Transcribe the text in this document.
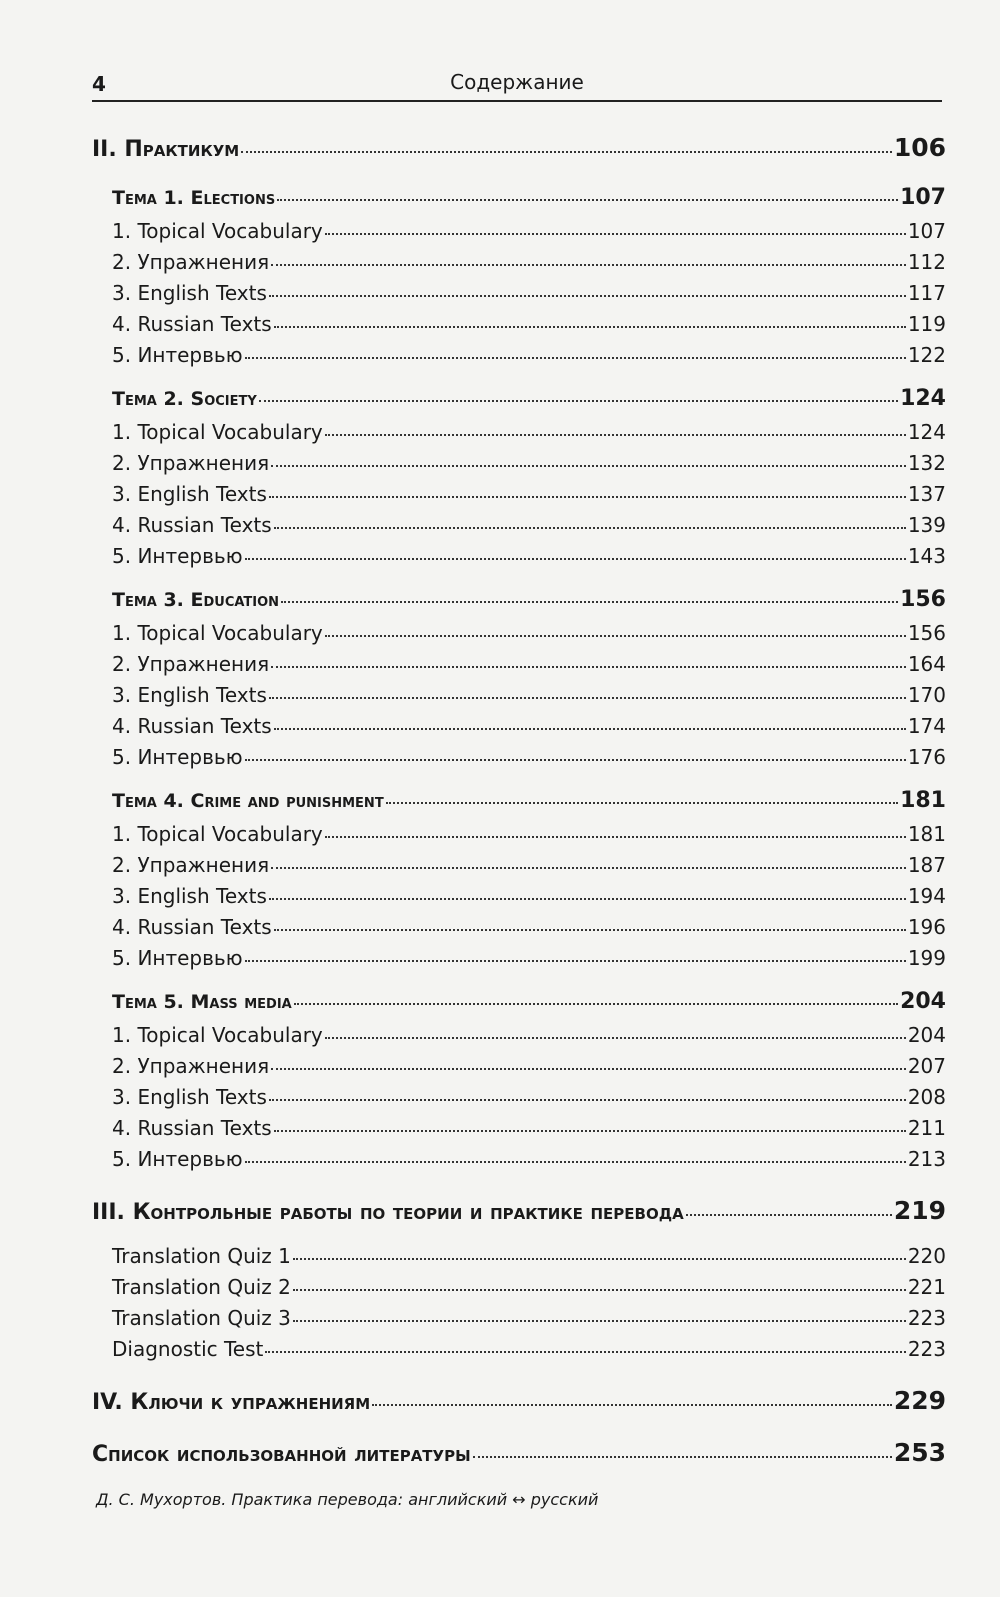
4	Содержание
II. Практикум	106
Тема 1. Elections	107
1. Topical Vocabulary	107
2. Упражнения	112
3. English Texts	117
4. Russian Texts	119
5. Интервью	122
Тема 2. Society	124
1. Topical Vocabulary	124
2. Упражнения	132
3. English Texts	137
4. Russian Texts	139
5. Интервью	143
Тема 3. Education	156
1. Topical Vocabulary	156
2. Упражнения	164
3. English Texts	170
4. Russian Texts	174
5. Интервью	176
Тема 4. Crime and punishment	181
1. Topical Vocabulary	181
2. Упражнения	187
3. English Texts	194
4. Russian Texts	196
5. Интервью	199
Тема 5. Mass media	204
1. Topical Vocabulary	204
2. Упражнения	207
3. English Texts	208
4. Russian Texts	211
5. Интервью	213
III. Контрольные работы по теории и практике перевода	219
Translation Quiz 1	220
Translation Quiz 2	221
Translation Quiz 3	223
Diagnostic Test	223
IV. Ключи к упражнениям	229
Список использованной литературы	253
Д. С. Мухортов. Практика перевода: английский ↔ русский
